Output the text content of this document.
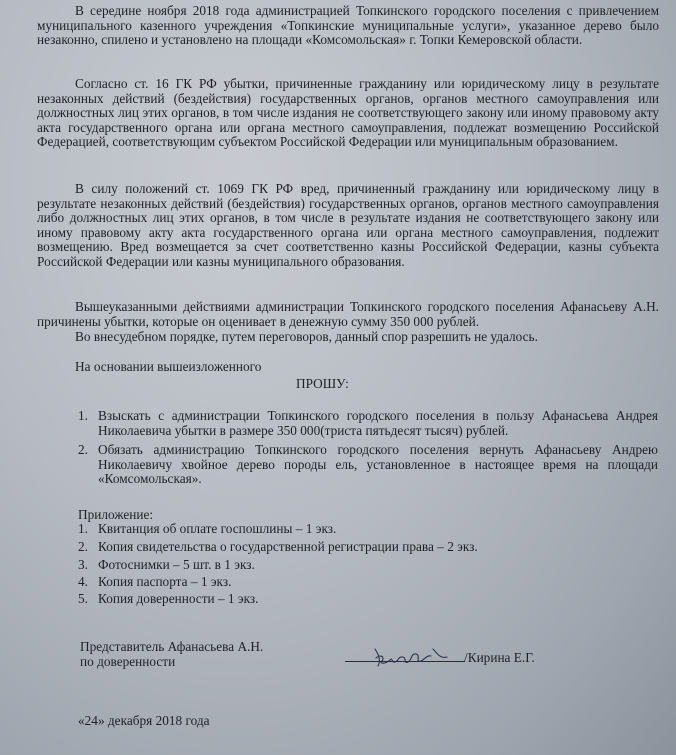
В середине ноября 2018 года администрацией Топкинского городского поселения с привлечением муниципального казенного учреждения «Топкинские муниципальные услуги», указанное дерево было незаконно, спилено и установлено на площади «Комсомольская» г. Топки Кемеровской области.
Согласно ст. 16 ГК РФ убытки, причиненные гражданину или юридическому лицу в результате незаконных действий (бездействия) государственных органов, органов местного самоуправления или должностных лиц этих органов, в том числе издания не соответствующего закону или иному правовому акту акта государственного органа или органа местного самоуправления, подлежат возмещению Российской Федерацией, соответствующим субъектом Российской Федерации или муниципальным образованием.
В силу положений ст. 1069 ГК РФ вред, причиненный гражданину или юридическому лицу в результате незаконных действий (бездействия) государственных органов, органов местного самоуправления либо должностных лиц этих органов, в том числе в результате издания не соответствующего закону или иному правовому акту акта государственного органа или органа местного самоуправления, подлежит возмещению. Вред возмещается за счет соответственно казны Российской Федерации, казны субъекта Российской Федерации или казны муниципального образования.
Вышеуказанными действиями администрации Топкинского городского поселения Афанасьеву А.Н. причинены убытки, которые он оценивает в денежную сумму 350 000 рублей.
Во внесудебном порядке, путем переговоров, данный спор разрешить не удалось.
На основании вышеизложенного
ПРОШУ:
1. Взыскать с администрации Топкинского городского поселения в пользу Афанасьева Андрея Николаевича убытки в размере 350 000(триста пятьдесят тысяч) рублей.
2. Обязать администрацию Топкинского городского поселения вернуть Афанасьеву Андрею Николаевичу хвойное дерево породы ель, установленное в настоящее время на площади «Комсомольская».
Приложение:
1. Квитанция об оплате госпошлины – 1 экз.
2. Копия свидетельства о государственной регистрации права – 2 экз.
3. Фотоснимки – 5 шт. в 1 экз.
4. Копия паспорта – 1 экз.
5. Копия доверенности – 1 экз.
Представитель Афанасьева А.Н.
по доверенности	/Кирина Е.Г.
«24» декабря 2018 года
